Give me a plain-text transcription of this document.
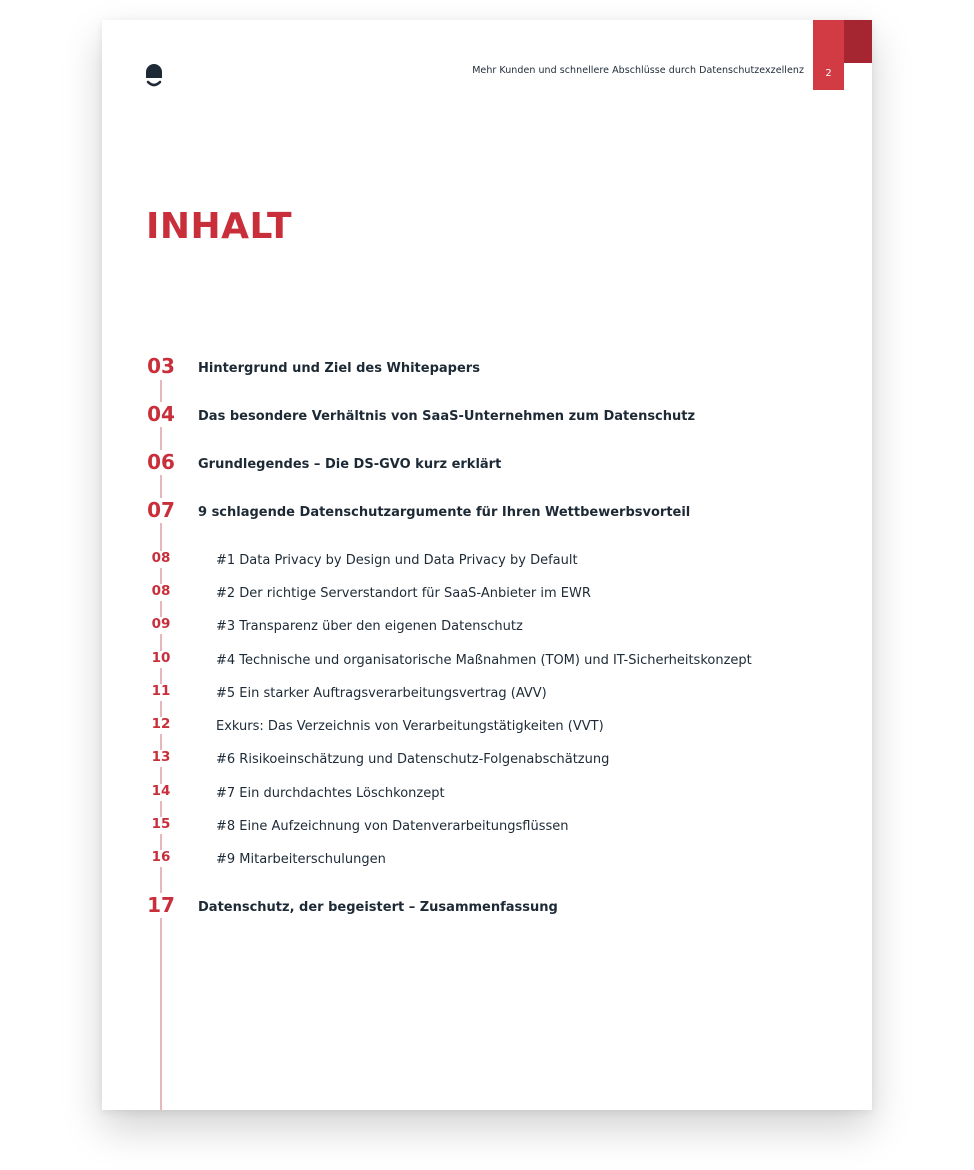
Mehr Kunden und schnellere Abschlüsse durch Datenschutzexzellenz	2
INHALT
03 Hintergrund und Ziel des Whitepapers
04 Das besondere Verhältnis von SaaS-Unternehmen zum Datenschutz
06 Grundlegendes – Die DS-GVO kurz erklärt
07 9 schlagende Datenschutzargumente für Ihren Wettbewerbsvorteil
08	#1 Data Privacy by Design und Data Privacy by Default
08	#2 Der richtige Serverstandort für SaaS-Anbieter im EWR
09	#3 Transparenz über den eigenen Datenschutz
10	#4 Technische und organisatorische Maßnahmen (TOM) und IT-Sicherheitskonzept
11	#5 Ein starker Auftragsverarbeitungsvertrag (AVV)
12	Exkurs: Das Verzeichnis von Verarbeitungstätigkeiten (VVT)
13	#6 Risikoeinschätzung und Datenschutz-Folgenabschätzung
14	#7 Ein durchdachtes Löschkonzept
15	#8 Eine Aufzeichnung von Datenverarbeitungsflüssen
16	#9 Mitarbeiterschulungen
17 Datenschutz, der begeistert – Zusammenfassung
